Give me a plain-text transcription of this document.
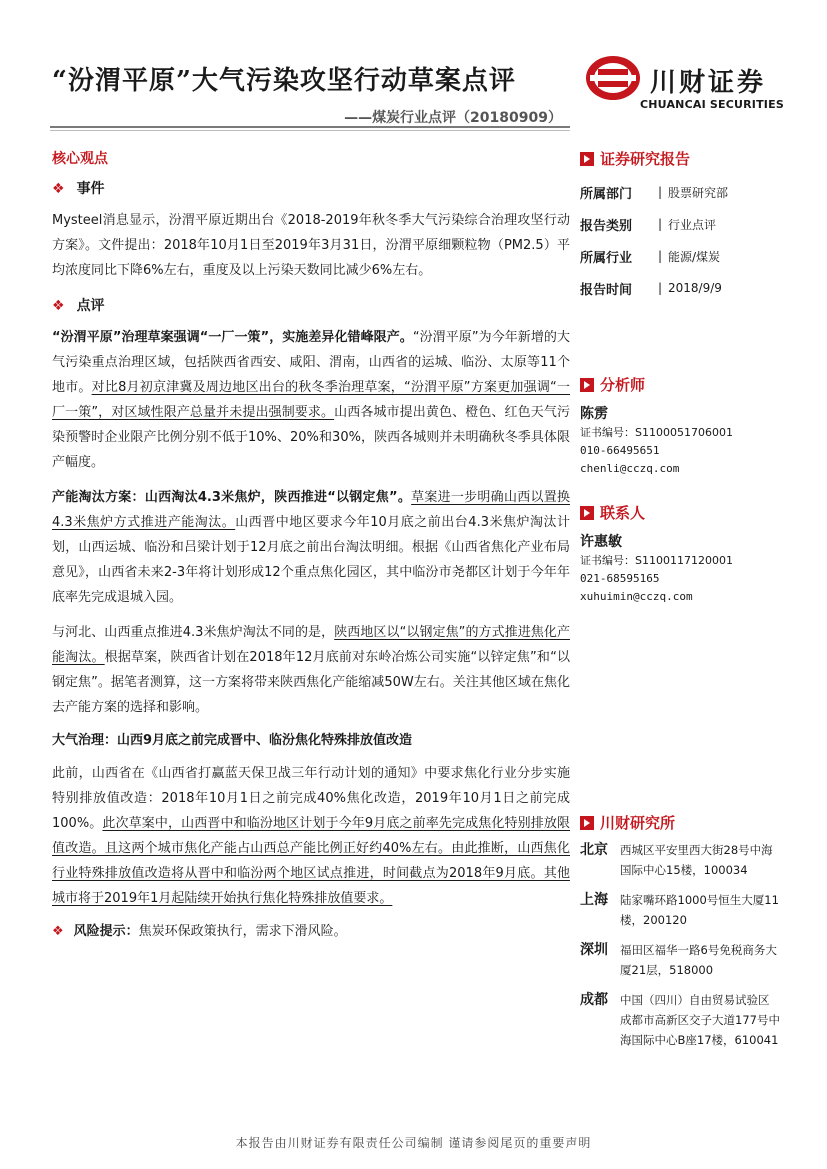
“汾渭平原”大气污染攻坚行动草案点评
——煤炭行业点评（20180909）
川财证券
CHUANCAI SECURITIES
核心观点
❖ 事件

Mysteel消息显示，汾渭平原近期出台《2018-2019年秋冬季大气污染综合治理攻坚行动方案》。文件提出：2018年10月1日至2019年3月31日，汾渭平原细颗粒物（PM2.5）平均浓度同比下降6%左右，重度及以上污染天数同比减少6%左右。

❖ 点评

“汾渭平原”治理草案强调“一厂一策”，实施差异化错峰限产。“汾渭平原”为今年新增的大气污染重点治理区域，包括陕西省西安、咸阳、渭南，山西省的运城、临汾、太原等11个地市。对比8月初京津冀及周边地区出台的秋冬季治理草案，“汾渭平原”方案更加强调“一厂一策”，对区域性限产总量并未提出强制要求。山西各城市提出黄色、橙色、红色天气污染预警时企业限产比例分别不低于10%、20%和30%，陕西各城则并未明确秋冬季具体限产幅度。

产能淘汰方案：山西淘汰4.3米焦炉，陕西推进“以钢定焦”。草案进一步明确山西以置换4.3米焦炉方式推进产能淘汰。山西晋中地区要求今年10月底之前出台4.3米焦炉淘汰计划，山西运城、临汾和吕梁计划于12月底之前出台淘汰明细。根据《山西省焦化产业布局意见》，山西省未来2-3年将计划形成12个重点焦化园区，其中临汾市尧都区计划于今年年底率先完成退城入园。

与河北、山西重点推进4.3米焦炉淘汰不同的是，陕西地区以“以钢定焦”的方式推进焦化产能淘汰。根据草案，陕西省计划在2018年12月底前对东岭冶炼公司实施“以锌定焦”和“以钢定焦”。据笔者测算，这一方案将带来陕西焦化产能缩减50W左右。关注其他区域在焦化去产能方案的选择和影响。

大气治理：山西9月底之前完成晋中、临汾焦化特殊排放值改造

此前，山西省在《山西省打赢蓝天保卫战三年行动计划的通知》中要求焦化行业分步实施特别排放值改造：2018年10月1日之前完成40%焦化改造，2019年10月1日之前完成100%。此次草案中，山西晋中和临汾地区计划于今年9月底之前率先完成焦化特别排放限值改造。且这两个城市焦化产能占山西总产能比例正好约40%左右。由此推断，山西焦化行业特殊排放值改造将从晋中和临汾两个地区试点推进，时间截点为2018年9月底。其他城市将于2019年1月起陆续开始执行焦化特殊排放值要求。

❖ 风险提示：焦炭环保政策执行，需求下滑风险。
证券研究报告
所属部门	| 股票研究部
报告类别	| 行业点评
所属行业	| 能源/煤炭
报告时间	| 2018/9/9
分析师
陈雳
证书编号：S1100051706001
010-66495651
chenli@cczq.com
联系人
许惠敏
证书编号：S1100117120001
021-68595165
xuhuimin@cczq.com
川财研究所
北京	西城区平安里西大街28号中海国际中心15楼，100034
上海	陆家嘴环路1000号恒生大厦11楼，200120
深圳	福田区福华一路6号免税商务大厦21层，518000
成都	中国（四川）自由贸易试验区成都市高新区交子大道177号中海国际中心B座17楼，610041
本报告由川财证券有限责任公司编制 谨请参阅尾页的重要声明
